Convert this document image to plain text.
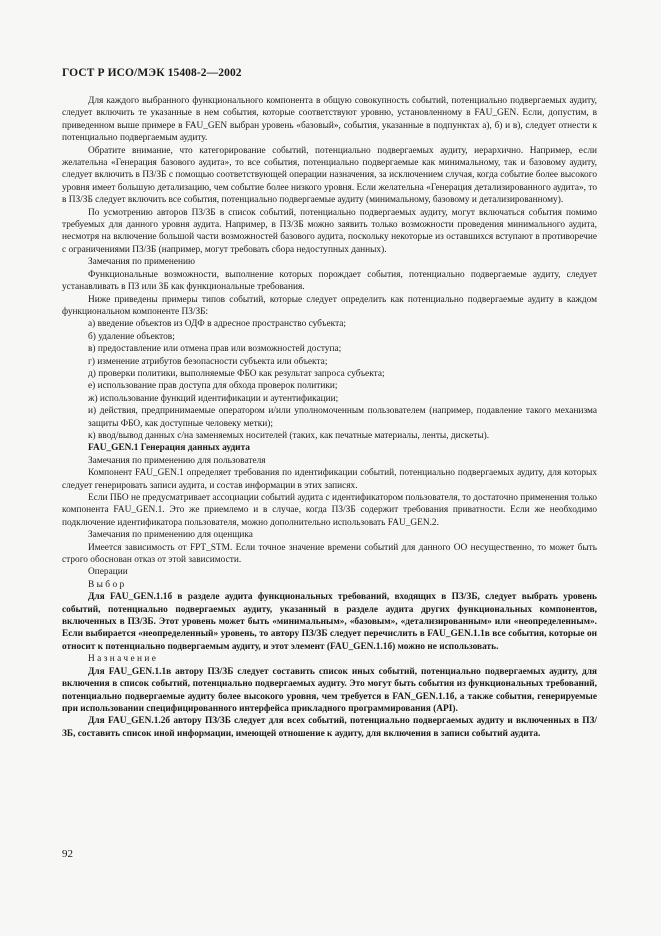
ГОСТ Р ИСО/МЭК 15408-2—2002

Для каждого выбранного функционального компонента в общую совокупность событий, потенциально подвергаемых аудиту, следует включить те указанные в нем события, которые соответствуют уровню, установленному в FAU_GEN. Если, допустим, в приведенном выше примере в FAU_GEN выбран уровень «базовый», события, указанные в подпунктах а), б) и в), следует отнести к потенциально подвергаемым аудиту.

Обратите внимание, что категорирование событий, потенциально подвергаемых аудиту, иерархично. Например, если желательна «Генерация базового аудита», то все события, потенциально подвергаемые как минимальному, так и базовому аудиту, следует включить в ПЗ/ЗБ с помощью соответствующей операции назначения, за исключением случая, когда событие более высокого уровня имеет большую детализацию, чем событие более низкого уровня. Если желательна «Генерация детализированного аудита», то в ПЗ/ЗБ следует включить все события, потенциально подвергаемые аудиту (минимальному, базовому и детализированному).

По усмотрению авторов ПЗ/ЗБ в список событий, потенциально подвергаемых аудиту, могут включаться события помимо требуемых для данного уровня аудита. Например, в ПЗ/ЗБ можно заявить только возможности проведения минимального аудита, несмотря на включение большой части возможностей базового аудита, поскольку некоторые из оставшихся вступают в противоречие с ограничениями ПЗ/ЗБ (например, могут требовать сбора недоступных данных).

Замечания по применению

Функциональные возможности, выполнение которых порождает события, потенциально подвергаемые аудиту, следует устанавливать в ПЗ или ЗБ как функциональные требования.

Ниже приведены примеры типов событий, которые следует определить как потенциально подвергаемые аудиту в каждом функциональном компоненте ПЗ/ЗБ:

а) введение объектов из ОДФ в адресное пространство субъекта;

б) удаление объектов;

в) предоставление или отмена прав или возможностей доступа;

г) изменение атрибутов безопасности субъекта или объекта;

д) проверки политики, выполняемые ФБО как результат запроса субъекта;

е) использование прав доступа для обхода проверок политики;

ж) использование функций идентификации и аутентификации;

и) действия, предпринимаемые оператором и/или уполномоченным пользователем (например, подавление такого механизма защиты ФБО, как доступные человеку метки);

к) ввод/вывод данных с/на заменяемых носителей (таких, как печатные материалы, ленты, дискеты).

FAU_GEN.1 Генерация данных аудита

Замечания по применению для пользователя

Компонент FAU_GEN.1 определяет требования по идентификации событий, потенциально подвергаемых аудиту, для которых следует генерировать записи аудита, и состав информации в этих записях.

Если ПБО не предусматривает ассоциации событий аудита с идентификатором пользователя, то достаточно применения только компонента FAU_GEN.1. Это же приемлемо и в случае, когда ПЗ/ЗБ содержит требования приватности. Если же необходимо подключение идентификатора пользователя, можно дополнительно использовать FAU_GEN.2.

Замечания по применению для оценщика

Имеется зависимость от FPT_STM. Если точное значение времени событий для данного ОО несущественно, то может быть строго обоснован отказ от этой зависимости.

Операции

Выбор

Для FAU_GEN.1.1б в разделе аудита функциональных требований, входящих в ПЗ/ЗБ, следует выбрать уровень событий, потенциально подвергаемых аудиту, указанный в разделе аудита других функциональных компонентов, включенных в ПЗ/ЗБ. Этот уровень может быть «минимальным», «базовым», «детализированным» или «неопределенным». Если выбирается «неопределенный» уровень, то автору ПЗ/ЗБ следует перечислить в FAU_GEN.1.1в все события, которые он относит к потенциально подвергаемым аудиту, и этот элемент (FAU_GEN.1.1б) можно не использовать.

Назначение

Для FAU_GEN.1.1в автору ПЗ/ЗБ следует составить список иных событий, потенциально подвергаемых аудиту, для включения в список событий, потенциально подвергаемых аудиту. Это могут быть события из функциональных требований, потенциально подвергаемые аудиту более высокого уровня, чем требуется в FAN_GEN.1.1б, а также события, генерируемые при использовании специфицированного интерфейса прикладного программирования (API).

Для FAU_GEN.1.2б автору ПЗ/ЗБ следует для всех событий, потенциально подвергаемых аудиту и включенных в ПЗ/ЗБ, составить список иной информации, имеющей отношение к аудиту, для включения в записи событий аудита.

92
